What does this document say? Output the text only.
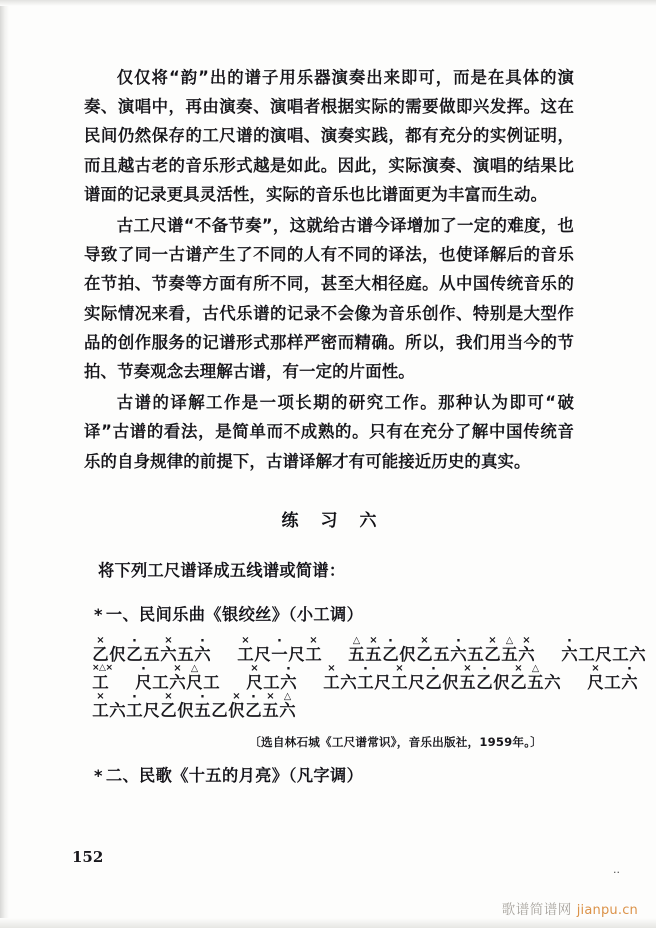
仅仅将“韵”出的谱子用乐器演奏出来即可，而是在具体的演奏、演唱中，再由演奏、演唱者根据实际的需要做即兴发挥。这在民间仍然保存的工尺谱的演唱、演奏实践，都有充分的实例证明，而且越古老的音乐形式越是如此。因此，实际演奏、演唱的结果比谱面的记录更具灵活性，实际的音乐也比谱面更为丰富而生动。

古工尺谱“不备节奏”，这就给古谱今译增加了一定的难度，也导致了同一古谱产生了不同的人有不同的译法，也使译解后的音乐在节拍、节奏等方面有所不同，甚至大相径庭。从中国传统音乐的实际情况来看，古代乐谱的记录不会像为音乐创作、特别是大型作品的创作服务的记谱形式那样严密而精确。所以，我们用当今的节拍、节奏观念去理解古谱，有一定的片面性。

古谱的译解工作是一项长期的研究工作。那种认为即可“破译”古谱的看法，是简单而不成熟的。只有在充分了解中国传统音乐的自身规律的前提下，古谱译解才有可能接近历史的真实。

练习六
将下列工尺谱译成五线谱或简谱：
* 一、民间乐曲《银绞丝》（小工调）
×
乙 伬
·
乙 五
×
六 五
·
六
×
工 尺
·
一 尺
×
工
△
五
×
五
·
乙 伬
×
乙 五
·
六 五
×
乙
△
五
×
六
·
六 工 尺 工 六
×△×
工
·
尺 工
×
六
△
尺 工
×
尺 工
·
六
×
工 六
·
工 尺
×
工 尺
·
乙 伬
×
五
·
乙 伬
×
乙
△
五 六
×
尺 工
·
六
×
工 六
·
工 尺
×
乙 伬
·
五 乙
×
伬
·
乙
×
五
△
六
〔选自林石城《工尺谱常识》，音乐出版社，1959年。〕
* 二、民歌《十五的月亮》（凡字调）
152
··
歌谱简谱网 jianpu.cn
